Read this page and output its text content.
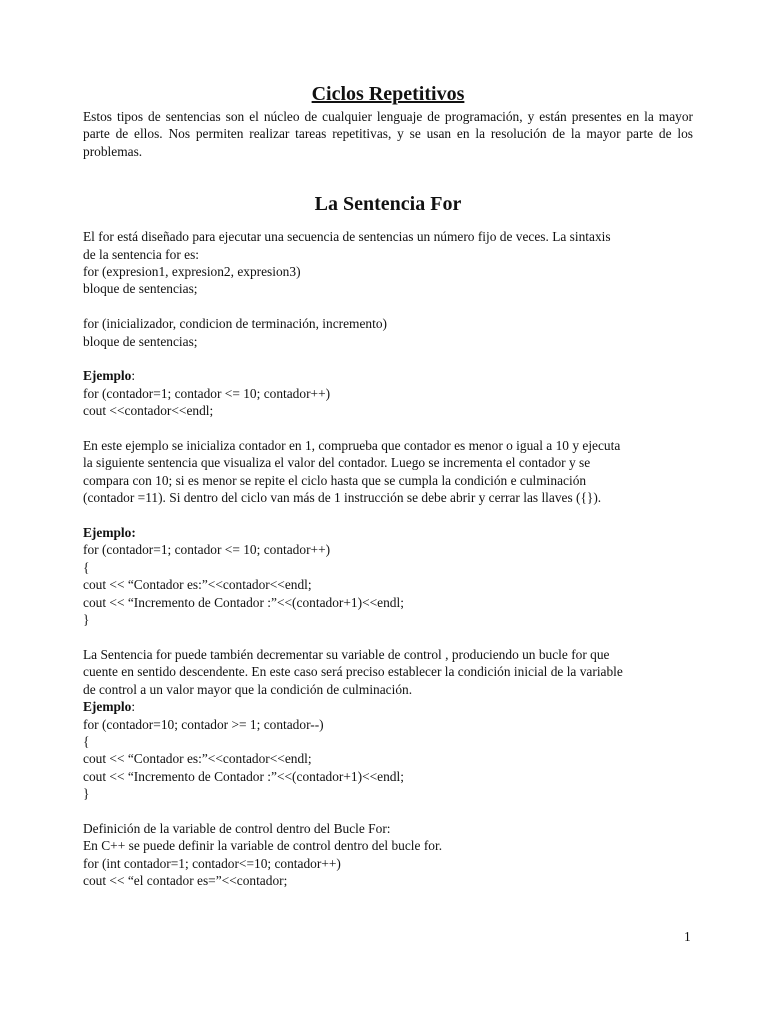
Ciclos Repetitivos

Estos tipos de sentencias son el núcleo de cualquier lenguaje de programación, y están presentes en la mayor parte de ellos. Nos permiten realizar tareas repetitivas, y se usan en la resolución de la mayor parte de los problemas.

La Sentencia For

El for está diseñado para ejecutar una secuencia de sentencias un número fijo de veces. La sintaxis
de la sentencia for es:
for (expresion1, expresion2, expresion3)
bloque de sentencias;

for (inicializador, condicion de terminación, incremento)
bloque de sentencias;

Ejemplo:
for (contador=1; contador <= 10; contador++)
cout <<contador<<endl;

En este ejemplo se inicializa contador en 1, comprueba que contador es menor o igual a 10 y ejecuta
la siguiente sentencia que visualiza el valor del contador. Luego se incrementa el contador y se
compara con 10; si es menor se repite el ciclo hasta que se cumpla la condición e culminación
(contador =11). Si dentro del ciclo van más de 1 instrucción se debe abrir y cerrar las llaves ({}).

Ejemplo:
for (contador=1; contador <= 10; contador++)
{
cout << “Contador es:”<<contador<<endl;
cout << “Incremento de Contador :”<<(contador+1)<<endl;
}

La Sentencia for puede también decrementar su variable de control , produciendo un bucle for que
cuente en sentido descendente. En este caso será preciso establecer la condición inicial de la variable
de control a un valor mayor que la condición de culminación.

Ejemplo:
for (contador=10; contador >= 1; contador--)
{
cout << “Contador es:”<<contador<<endl;
cout << “Incremento de Contador :”<<(contador+1)<<endl;
}

Definición de la variable de control dentro del Bucle For:
En C++ se puede definir la variable de control dentro del bucle for.
for (int contador=1; contador<=10; contador++)
cout << “el contador es=”<<contador;

1
